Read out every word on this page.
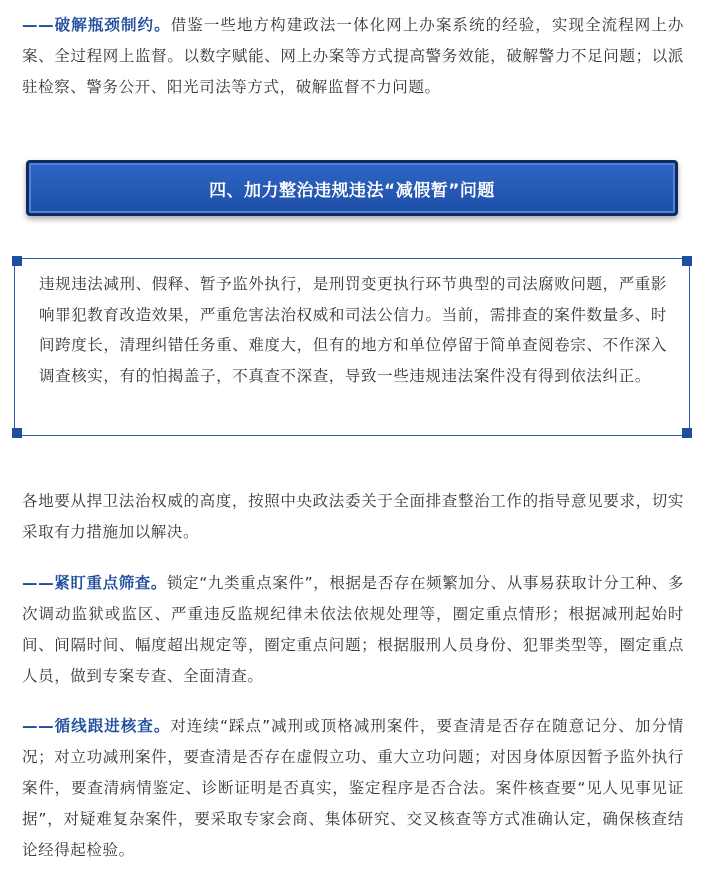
——破解瓶颈制约。借鉴一些地方构建政法一体化网上办案系统的经验，实现全流程网上办案、全过程网上监督。以数字赋能、网上办案等方式提高警务效能，破解警力不足问题；以派驻检察、警务公开、阳光司法等方式，破解监督不力问题。

四、加力整治违规违法“减假暂”问题

违规违法减刑、假释、暂予监外执行，是刑罚变更执行环节典型的司法腐败问题，严重影响罪犯教育改造效果，严重危害法治权威和司法公信力。当前，需排查的案件数量多、时间跨度长，清理纠错任务重、难度大，但有的地方和单位停留于简单查阅卷宗、不作深入调查核实，有的怕揭盖子，不真查不深查，导致一些违规违法案件没有得到依法纠正。

各地要从捍卫法治权威的高度，按照中央政法委关于全面排查整治工作的指导意见要求，切实采取有力措施加以解决。

——紧盯重点筛查。锁定“九类重点案件”，根据是否存在频繁加分、从事易获取计分工种、多次调动监狱或监区、严重违反监规纪律未依法依规处理等，圈定重点情形；根据减刑起始时间、间隔时间、幅度超出规定等，圈定重点问题；根据服刑人员身份、犯罪类型等，圈定重点人员，做到专案专查、全面清查。

——循线跟进核查。对连续“踩点”减刑或顶格减刑案件，要查清是否存在随意记分、加分情况；对立功减刑案件，要查清是否存在虚假立功、重大立功问题；对因身体原因暂予监外执行案件，要查清病情鉴定、诊断证明是否真实，鉴定程序是否合法。案件核查要“见人见事见证据”，对疑难复杂案件，要采取专家会商、集体研究、交叉核查等方式准确认定，确保核查结论经得起检验。
